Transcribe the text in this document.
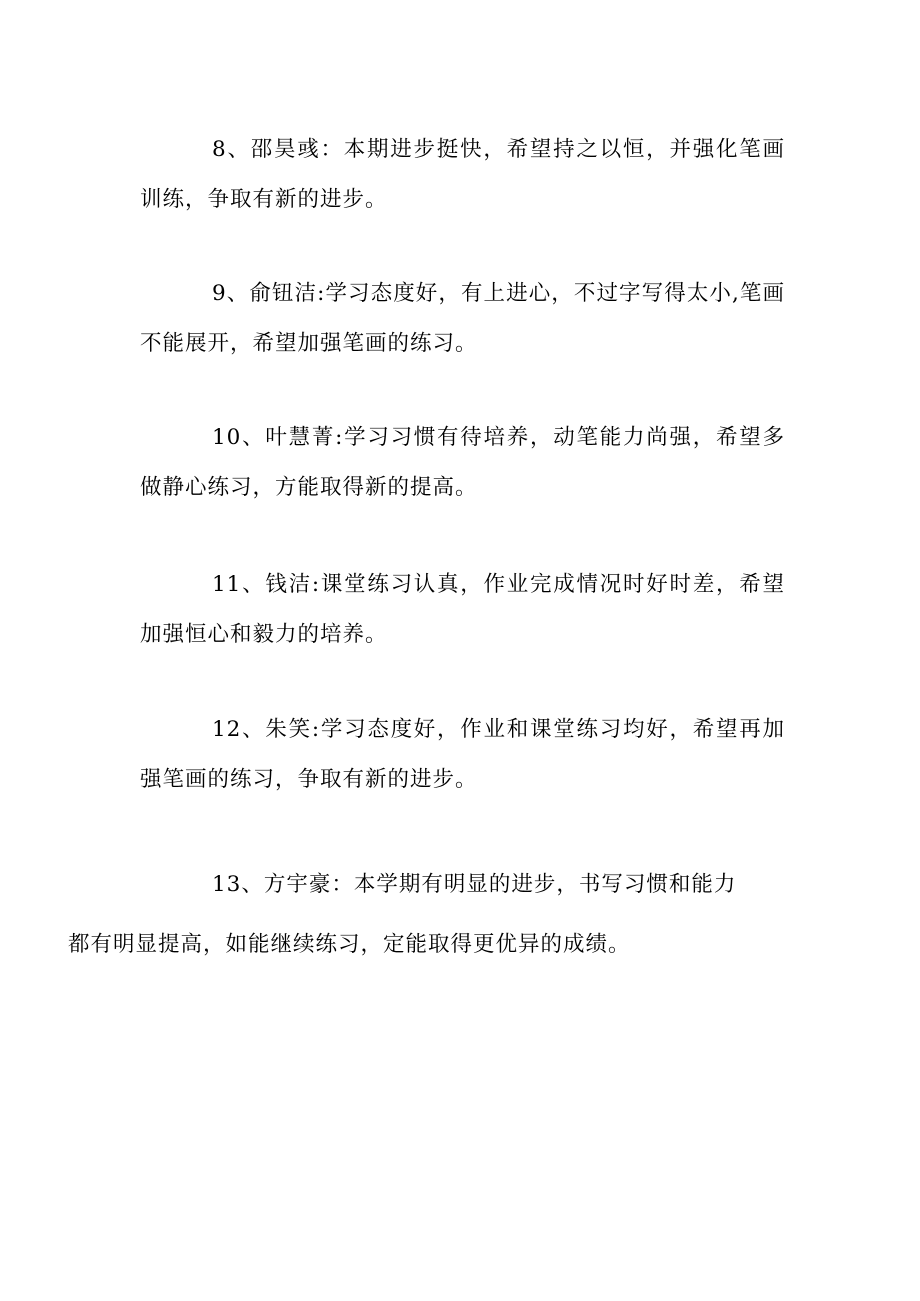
8、邵昊彧：本期进步挺快，希望持之以恒，并强化笔画训练，争取有新的进步。

9、俞钮洁:学习态度好，有上进心，不过字写得太小,笔画不能展开，希望加强笔画的练习。

10、叶慧菁:学习习惯有待培养，动笔能力尚强，希望多做静心练习，方能取得新的提高。

11、钱洁:课堂练习认真，作业完成情况时好时差，希望加强恒心和毅力的培养。

12、朱笑:学习态度好，作业和课堂练习均好，希望再加强笔画的练习，争取有新的进步。

13、方宇豪：本学期有明显的进步，书写习惯和能力
都有明显提高，如能继续练习，定能取得更优异的成绩。
